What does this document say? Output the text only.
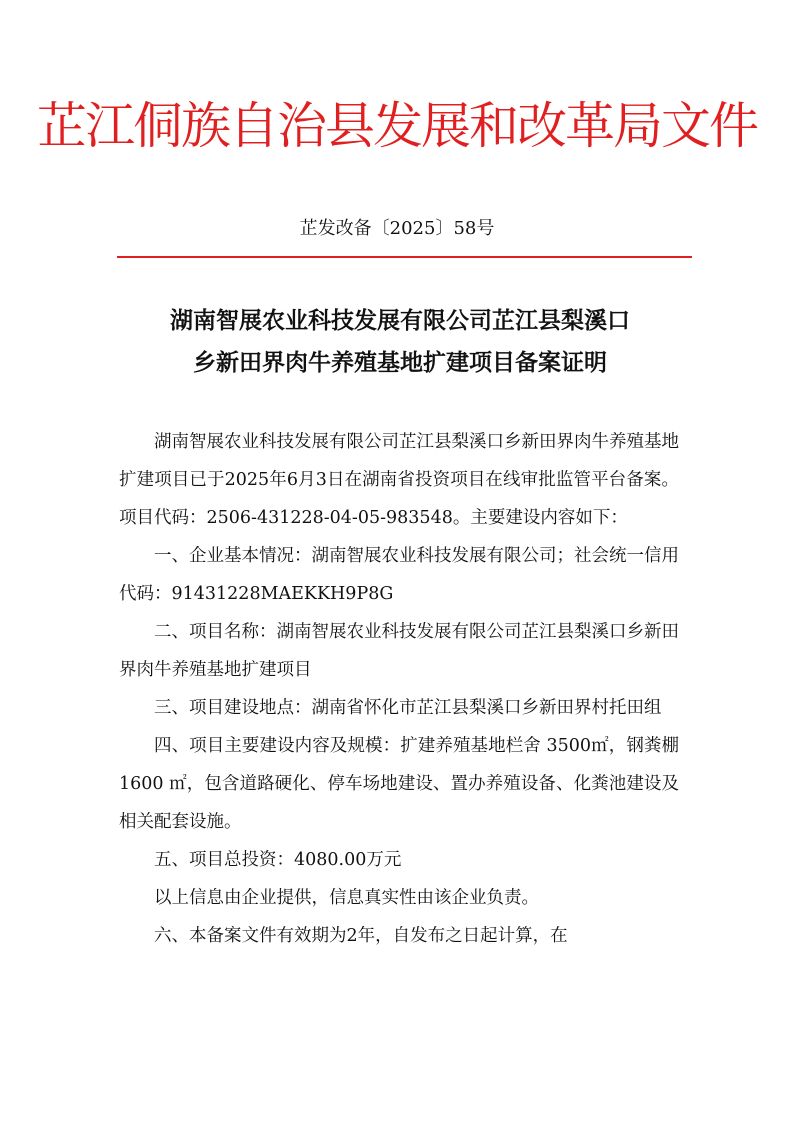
芷江侗族自治县发展和改革局文件
芷发改备〔2025〕58号
湖南智展农业科技发展有限公司芷江县梨溪口
乡新田界肉牛养殖基地扩建项目备案证明

湖南智展农业科技发展有限公司芷江县梨溪口乡新田界肉牛养殖基地扩建项目已于2025年6月3日在湖南省投资项目在线审批监管平台备案。项目代码：2506-431228-04-05-983548。主要建设内容如下：

一、企业基本情况：湖南智展农业科技发展有限公司；社会统一信用代码：91431228MAEKKH9P8G

二、项目名称：湖南智展农业科技发展有限公司芷江县梨溪口乡新田界肉牛养殖基地扩建项目

三、项目建设地点：湖南省怀化市芷江县梨溪口乡新田界村托田组

四、项目主要建设内容及规模：扩建养殖基地栏舍 3500㎡，钢粪棚 1600 ㎡，包含道路硬化、停车场地建设、置办养殖设备、化粪池建设及相关配套设施。

五、项目总投资：4080.00万元

以上信息由企业提供，信息真实性由该企业负责。

六、本备案文件有效期为2年，自发布之日起计算，在
